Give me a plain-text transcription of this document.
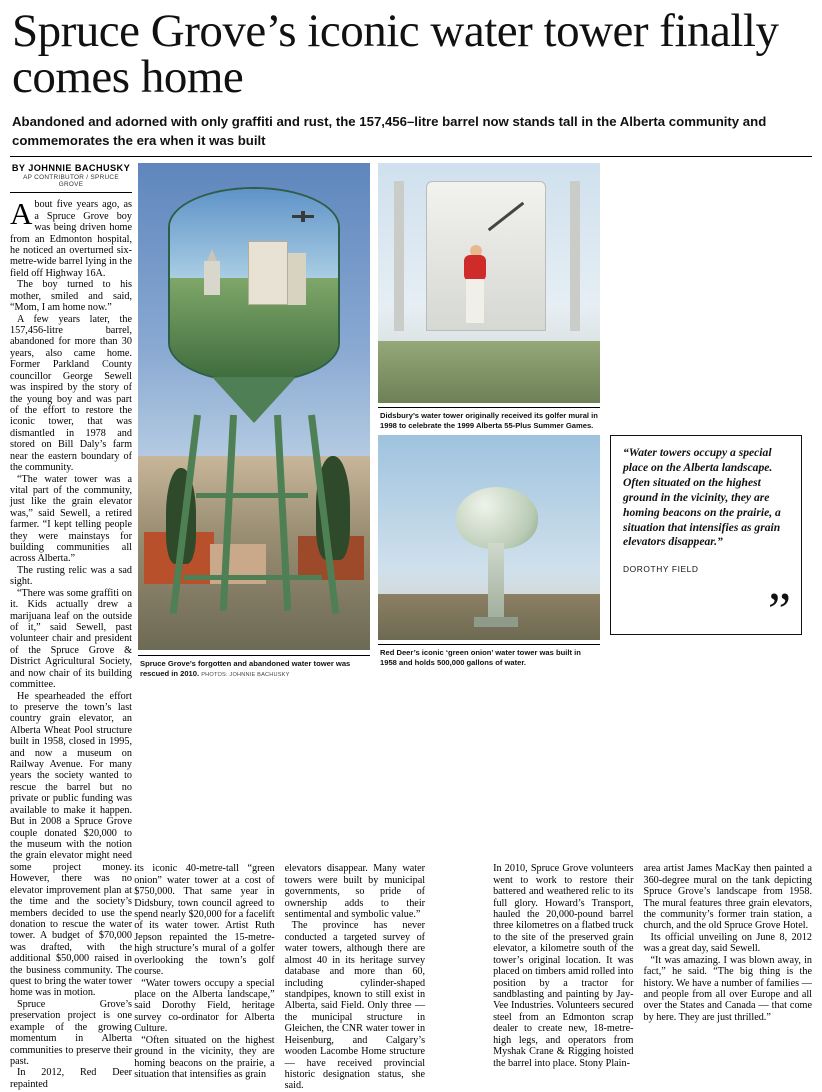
Spruce Grove’s iconic water tower finally comes home
Abandoned and adorned with only graffiti and rust, the 157,456–litre barrel now stands tall in the Alberta community and commemorates the era when it was built
BY JOHNNIE BACHUSKY
AP CONTRIBUTOR / SPRUCE GROVE

About five years ago, as a Spruce Grove boy was being driven home from an Edmonton hospital, he noticed an overturned six-metre-wide barrel lying in the field off Highway 16A.

The boy turned to his mother, smiled and said, “Mom, I am home now.”

A few years later, the 157,456-litre barrel, abandoned for more than 30 years, also came home. Former Parkland County councillor George Sewell was inspired by the story of the young boy and was part of the effort to restore the iconic tower, that was dismantled in 1978 and stored on Bill Daly’s farm near the eastern boundary of the community.

“The water tower was a vital part of the community, just like the grain elevator was,” said Sewell, a retired farmer. “I kept telling people they were mainstays for building communities all across Alberta.”

The rusting relic was a sad sight.

“There was some graffiti on it. Kids actually drew a marijuana leaf on the outside of it,” said Sewell, past volunteer chair and president of the Spruce Grove & District Agricultural Society, and now chair of its building committee.

He spearheaded the effort to preserve the town’s last country grain elevator, an Alberta Wheat Pool structure built in 1958, closed in 1995, and now a museum on Railway Avenue. For many years the society wanted to rescue the barrel but no private or public funding was available to make it happen. But in 2008 a Spruce Grove couple donated $20,000 to the museum with the notion the grain elevator might need some project money. However, there was no elevator improvement plan at the time and the society’s members decided to use the donation to rescue the water tower. A budget of $70,000 was drafted, with the additional $50,000 raised in the business community. The quest to bring the water tower home was in motion.

Spruce Grove’s preservation project is one example of the growing momentum in Alberta communities to preserve their past.

In 2012, Red Deer repainted

Spruce Grove’s forgotten and abandoned water tower was rescued in 2010. PHOTOS: JOHNNIE BACHUSKY
Didsbury’s water tower originally received its golfer mural in 1998 to celebrate the 1999 Alberta 55-Plus Summer Games.
Red Deer’s iconic ‘green onion’ water tower was built in 1958 and holds 500,000 gallons of water.
“Water towers occupy a special place on the Alberta landscape. Often situated on the highest ground in the vicinity, they are homing beacons on the prairie, a situation that intensifies as grain elevators disappear.”
DOROTHY FIELD
”

its iconic 40-metre-tall “green onion” water tower at a cost of $750,000. That same year in Didsbury, town council agreed to spend nearly $20,000 for a facelift of its water tower. Artist Ruth Jepson repainted the 15-metre-high structure’s mural of a golfer overlooking the town’s golf course.

“Water towers occupy a special place on the Alberta landscape,” said Dorothy Field, heritage survey co-ordinator for Alberta Culture.

“Often situated on the highest ground in the vicinity, they are homing beacons on the prairie, a situation that intensifies as grain

elevators disappear. Many water towers were built by municipal governments, so pride of ownership adds to their sentimental and symbolic value.”

The province has never conducted a targeted survey of water towers, although there are almost 40 in its heritage survey database and more than 60, including cylinder-shaped standpipes, known to still exist in Alberta, said Field. Only three — the municipal structure in Gleichen, the CNR water tower in Heisenburg, and Calgary’s wooden Lacombe Home structure — have received provincial historic designation status, she said.

In 2010, Spruce Grove volunteers went to work to restore their battered and weathered relic to its full glory. Howard’s Transport, hauled the 20,000-pound barrel three kilometres on a flatbed truck to the site of the preserved grain elevator, a kilometre south of the tower’s original location. It was placed on timbers amid rolled into position by a tractor for sandblasting and painting by Jay-Vee Industries. Volunteers secured steel from an Edmonton scrap dealer to create new, 18-metre-high legs, and operators from Myshak Crane & Rigging hoisted the barrel into place. Stony Plain-

area artist James MacKay then painted a 360-degree mural on the tank depicting Spruce Grove’s landscape from 1958. The mural features three grain elevators, the community’s former train station, a church, and the old Spruce Grove Hotel.

Its official unveiling on June 8, 2012 was a great day, said Sewell.

“It was amazing. I was blown away, in fact,” he said. “The big thing is the history. We have a number of families — and people from all over Europe and all over the States and Canada — that come by here. They are just thrilled.”
